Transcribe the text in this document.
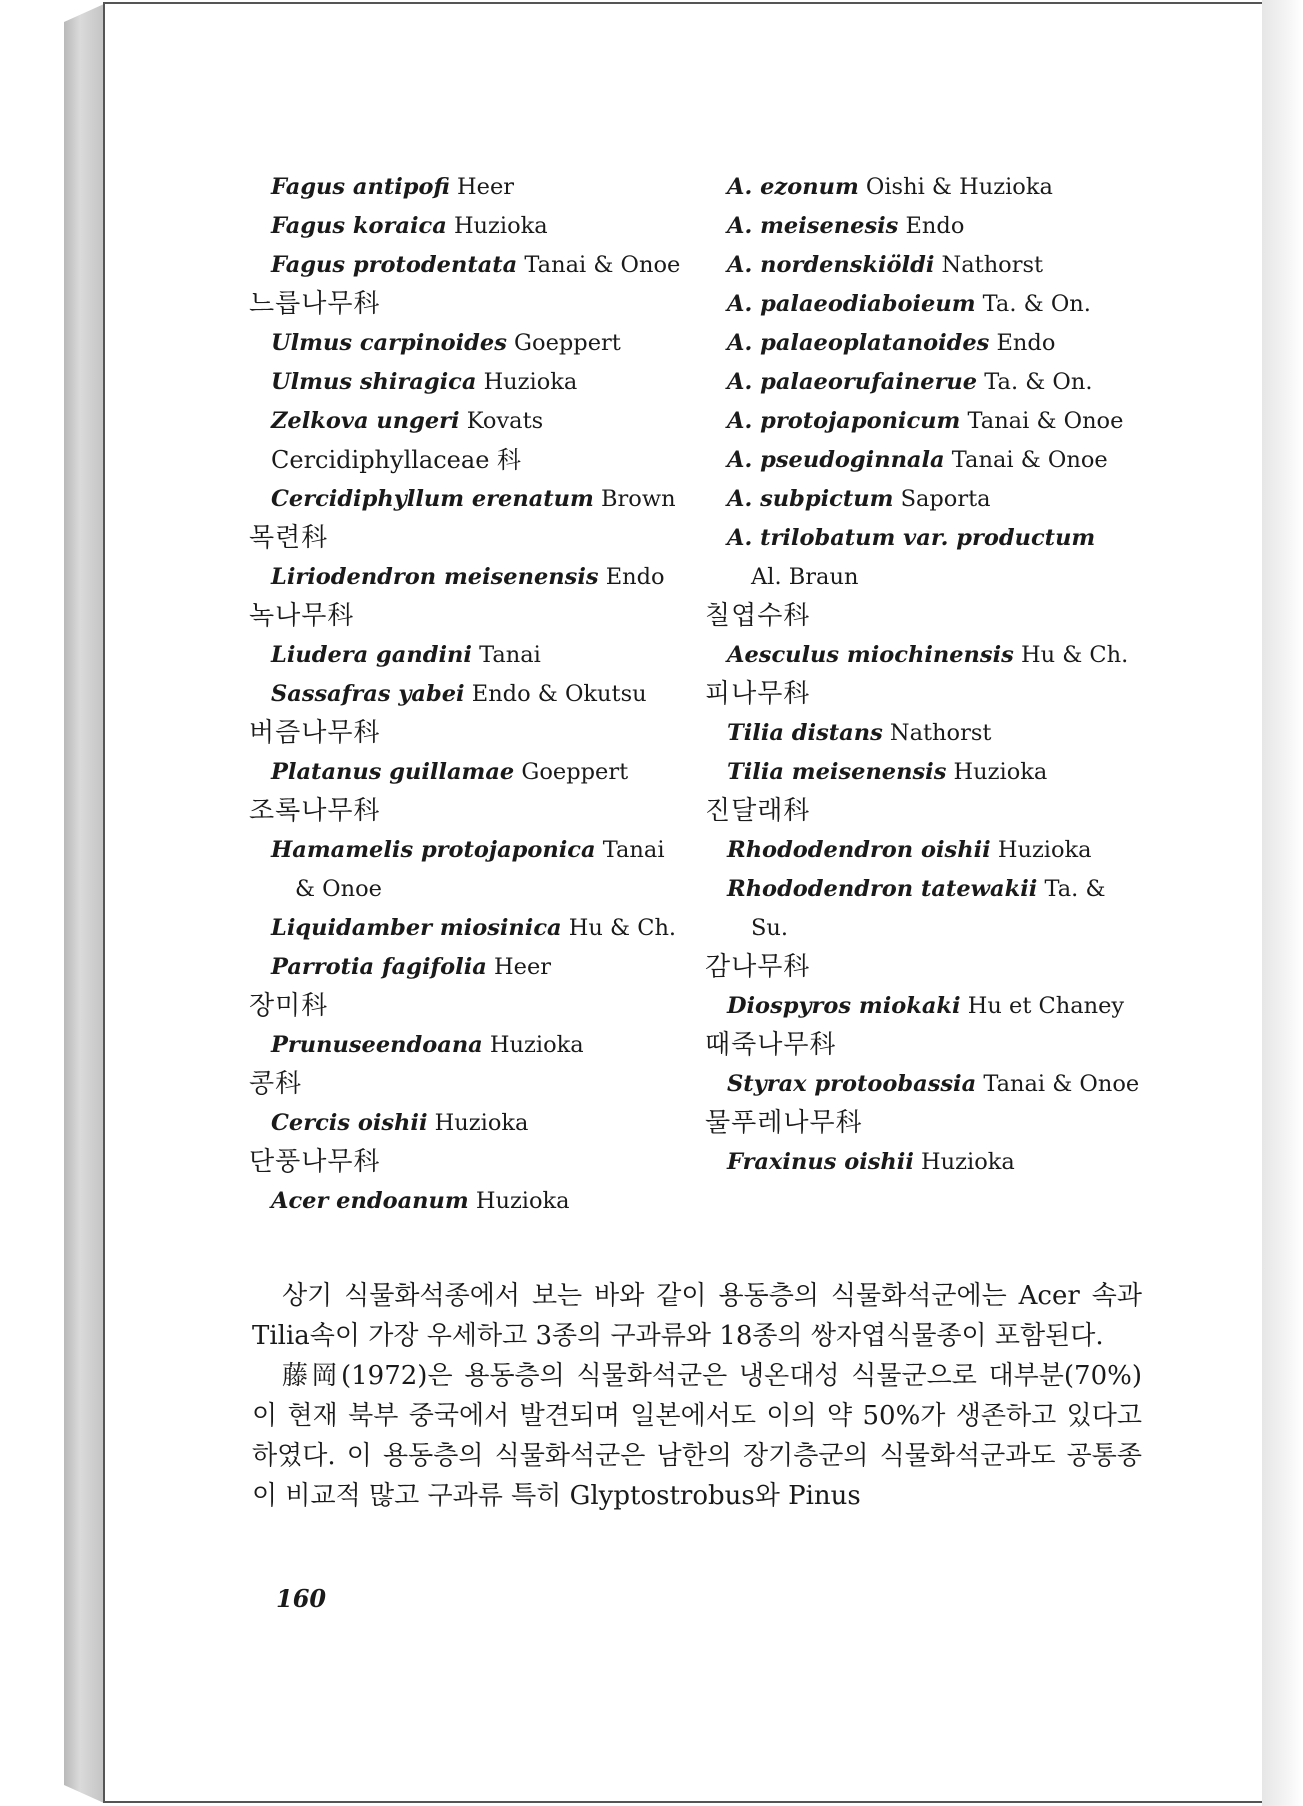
Fagus antipofi Heer
Fagus koraica Huzioka
Fagus protodentata Tanai & Onoe
느릅나무科
Ulmus carpinoides Goeppert
Ulmus shiragica Huzioka
Zelkova ungeri Kovats
Cercidiphyllaceae 科
Cercidiphyllum erenatum Brown
목련科
Liriodendron meisenensis Endo
녹나무科
Liudera gandini Tanai
Sassafras yabei Endo & Okutsu
버즘나무科
Platanus guillamae Goeppert
조록나무科
Hamamelis protojaponica Tanai
& Onoe
Liquidamber miosinica Hu & Ch.
Parrotia fagifolia Heer
장미科
Prunuseendoana Huzioka
콩科
Cercis oishii Huzioka
단풍나무科
Acer endoanum Huzioka
A. ezonum Oishi & Huzioka
A. meisenesis Endo
A. nordenskiöldi Nathorst
A. palaeodiaboieum Ta. & On.
A. palaeoplatanoides Endo
A. palaeorufainerue Ta. & On.
A. protojaponicum Tanai & Onoe
A. pseudoginnala Tanai & Onoe
A. subpictum Saporta
A. trilobatum var. productum
Al. Braun
칠엽수科
Aesculus miochinensis Hu & Ch.
피나무科
Tilia distans Nathorst
Tilia meisenensis Huzioka
진달래科
Rhododendron oishii Huzioka
Rhododendron tatewakii Ta. &
Su.
감나무科
Diospyros miokaki Hu et Chaney
때죽나무科
Styrax protoobassia Tanai & Onoe
물푸레나무科
Fraxinus oishii Huzioka

상기 식물화석종에서 보는 바와 같이 용동층의 식물화석군에는 Acer 속과 Tilia속이 가장 우세하고 3종의 구과류와 18종의 쌍자엽식물종이 포함된다.

藤岡(1972)은 용동층의 식물화석군은 냉온대성 식물군으로 대부분(70%)이 현재 북부 중국에서 발견되며 일본에서도 이의 약 50%가 생존하고 있다고 하였다. 이 용동층의 식물화석군은 남한의 장기층군의 식물화석군과도 공통종이 비교적 많고 구과류 특히 Glyptostrobus와 Pinus

160
